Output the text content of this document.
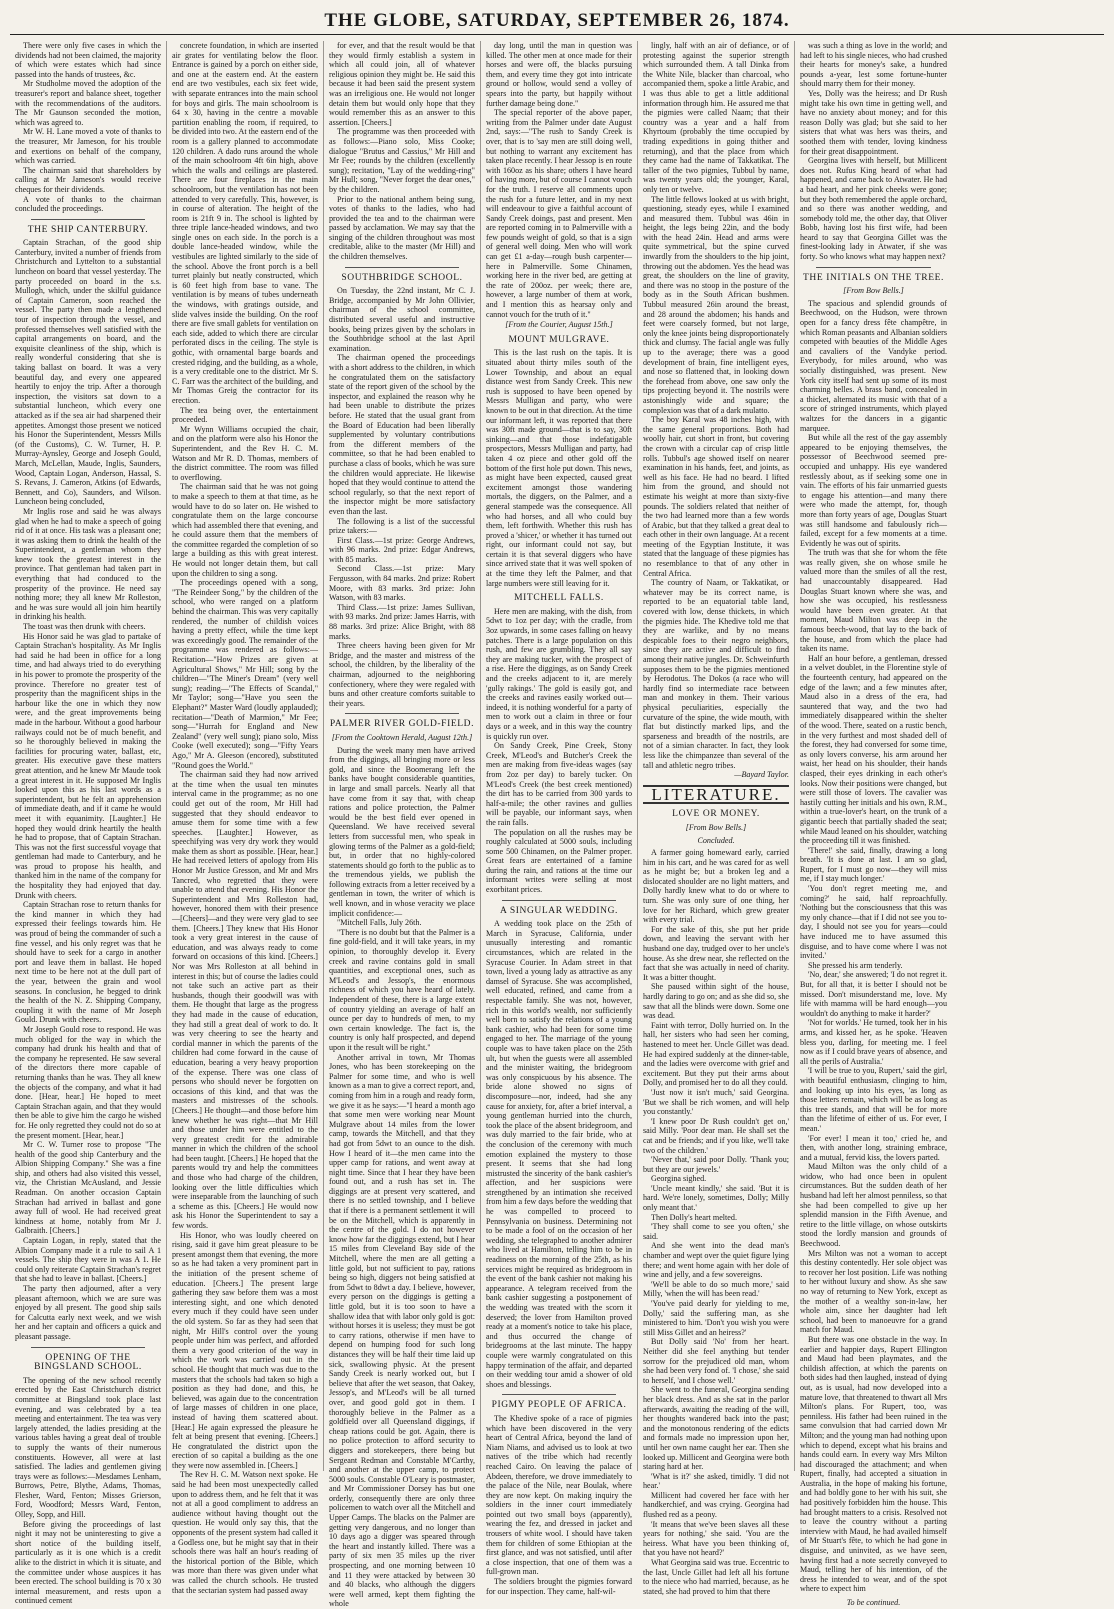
THE GLOBE, SATURDAY, SEPTEMBER 26, 1874.

There were only five cases in which the dividends had not been claimed, the majority of which were estates which had since passed into the hands of trustees, &c.

Mr Studholme moved the adoption of the treasurer's report and balance sheet, together with the recommendations of the auditors. The Mr Gaunson seconded the motion, which was agreed to.

Mr W. H. Lane moved a vote of thanks to the treasurer, Mr Jameson, for his trouble and exertions on behalf of the company, which was carried.

The chairman said that shareholders by calling at Mr Jameson's would receive cheques for their dividends.

A vote of thanks to the chairman concluded the proceedings.

THE SHIP CANTERBURY.

Captain Strachan, of the good ship Canterbury, invited a number of friends from Christchurch and Lyttelton to a substantial luncheon on board that vessel yesterday. The party proceeded on board in the s.s. Mullogh, which, under the skilful guidance of Captain Cameron, soon reached the vessel. The party then made a lengthened tour of inspection through the vessel, and professed themselves well satisfied with the capital arrangements on board, and the exquisite cleanliness of the ship, which is really wonderful considering that she is taking ballast on board. It was a very beautiful day, and every one appeared heartily to enjoy the trip. After a thorough inspection, the visitors sat down to a substantial luncheon, which every one attacked as if the sea air had sharpened their appetites. Amongst those present we noticed his Honor the Superintendent, Messrs Mills (of the Customs), C. W. Turner, H. P. Murray-Aynsley, George and Joseph Gould, March, McLellan, Maude, Inglis, Saunders, Wood, Captain Logan, Anderson, Hassal, S. S. Revans, J. Cameron, Atkins (of Edwards, Bennett, and Co), Saunders, and Wilson. Luncheon being concluded,

Mr Inglis rose and said he was always glad when he had to make a speech of going rid of it at once. His task was a pleasant one; it was asking them to drink the health of the Superintendent, a gentleman whom they knew took the greatest interest in the province. That gentleman had taken part in everything that had conduced to the prosperity of the province. He need say nothing more; they all knew Mr Rolleston, and he was sure would all join him heartily in drinking his health.

The toast was then drunk with cheers.

His Honor said he was glad to partake of Captain Strachan's hospitality. As Mr Inglis had said he had been in office for a long time, and had always tried to do everything in his power to promote the prosperity of the province. Therefore no greater test of prosperity than the magnificent ships in the harbour like the one in which they now were, and the great improvements being made in the harbour. Without a good harbour railways could not be of much benefit, and so he thoroughly believed in making the facilities for procuring water, ballast, etc, greater. His executive gave these matters great attention, and he knew Mr Maude took a great interest in it. He supposed Mr Inglis looked upon this as his last words as a superintendent, but he felt an apprehension of immediate death, and if it came he would meet it with equanimity. [Laughter.] He hoped they would drink heartily the health he had to propose, that of Captain Strachan. This was not the first successful voyage that gentleman had made to Canterbury, and he was proud to propose his health, and thanked him in the name of the company for the hospitality they had enjoyed that day. Drunk with cheers.

Captain Strachan rose to return thanks for the kind manner in which they had expressed their feelings towards him. He was proud of being the commander of such a fine vessel, and his only regret was that he should have to seek for a cargo in another port and leave them in ballast. He hoped next time to be here not at the dull part of the year, between the grain and wool seasons. In conclusion, he begged to drink the health of the N. Z. Shipping Company, coupling it with the name of Mr Joseph Gould. Drunk with cheers.

Mr Joseph Gould rose to respond. He was much obliged for the way in which the company had drunk his health and that of the company he represented. He saw several of the directors there more capable of returning thanks than he was. They all knew the objects of the company, and what it had done. [Hear, hear.] He hoped to meet Captain Strachan again, and that they would then be able to give him the cargo he wished for. He only regretted they could not do so at the present moment. [Hear, hear.]

Mr C. W. Turner rose to propose "The health of the good ship Canterbury and the Albion Shipping Company." She was a fine ship, and others had also visited this vessel, viz, the Christian McAusland, and Jessie Readman. On another occasion Captain Strachan had arrived in ballast and gone away full of wool. He had received great kindness at home, notably from Mr J. Galbraith. [Cheers.]

Captain Logan, in reply, stated that the Albion Company made it a rule to sail A 1 vessels. The ship they were in was A 1. He could only reiterate Captain Strachan's regret that she had to leave in ballast. [Cheers.]

The party then adjourned, after a very pleasant afternoon, which we are sure was enjoyed by all present. The good ship sails for Calcutta early next week, and we wish her and her captain and officers a quick and pleasant passage.

OPENING OF THE BINGSLAND SCHOOL.

The opening of the new school recently erected by the East Christchurch district committee at Bingsland took place last evening, and was celebrated by a tea meeting and entertainment. The tea was very largely attended, the ladies presiding at the various tables having a great deal of trouble to supply the wants of their numerous constituents. However, all were at last satisfied. The ladies and gentlemen giving trays were as follows:—Mesdames Lenham, Burrows, Petre, Blythe, Adams, Thomas, Flesher, Ward, Fenton; Misses Grierson, Ford, Woodford; Messrs Ward, Fenton, Olley, Sopp, and Hill.

Before giving the proceedings of last night it may not be uninteresting to give a short notice of the building itself, particularly as it is one which is a credit alike to the district in which it is situate, and the committee under whose auspices it has been erected. The school building is 70 x 30 internal measurement, and rests upon a continued cement

concrete foundation, in which are inserted air grates for ventilating below the floor. Entrance is gained by a porch on either side, and one at the eastern end. At the eastern end are two vestibules, each six feet wide, with separate entrances into the main school for boys and girls. The main schoolroom is 64 x 30, having in the centre a movable partition enabling the room, if required, to be divided into two. At the eastern end of the room is a gallery planned to accommodate 120 children. A dado runs around the whole of the main schoolroom 4ft 6in high, above which the walls and ceilings are plastered. There are four fireplaces in the main schoolroom, but the ventilation has not been attended to very carefully. This, however, is in course of alteration. The height of the room is 21ft 9 in. The school is lighted by three triple lance-headed windows, and two single ones on each side. In the porch is a double lance-headed window, while the vestibules are lighted similarly to the side of the school. Above the front porch is a bell turret plainly but neatly constructed, which is 60 feet high from base to vane. The ventilation is by means of tubes underneath the windows, with gratings outside, and slide valves inside the building. On the roof there are five small gablets for ventilation on each side, added to which there are circular perforated discs in the ceiling. The style is gothic, with ornamental barge boards and crested ridging, and the building, as a whole, is a very creditable one to the district. Mr S. C. Farr was the architect of the building, and Mr Thomas Greig the contractor for its erection.

The tea being over, the entertainment proceeded.

Mr Wynn Williams occupied the chair, and on the platform were also his Honor the Superintendent, and the Rev H. C. M. Watson and Mr R. D. Thomas, members of the district committee. The room was filled to overflowing.

The chairman said that he was not going to make a speech to them at that time, as he would have to do so later on. He wished to congratulate them on the large concourse which had assembled there that evening, and he could assure them that the members of the committee regarded the completion of so large a building as this with great interest. He would not longer detain them, but call upon the children to sing a song.

The proceedings opened with a song, "The Reindeer Song," by the children of the school, who were ranged on a platform behind the chairman. This was very capitally rendered, the number of childish voices having a pretty effect, while the time kept was exceedingly good. The remainder of the programme was rendered as follows:—Recitation—"How Prizes are given at Agricultural Shows," Mr Hill; song by the children—"The Miner's Dream" (very well sung); reading—"The Effects of Scandal," Mr Taylor; song—"Have you seen the Elephant?" Master Ward (loudly applauded); recitation—"Death of Marmion," Mr Fee; song—"Hurrah for England and New Zealand" (very well sung); piano solo, Miss Cooke (well executed); song—"Fifty Years Ago," Mr A. Gleeson (encored), substituted "Round goes the World."

The chairman said they had now arrived at the time when the usual ten minutes interval came in the programme; as no one could get out of the room, Mr Hill had suggested that they should endeavor to amuse them for some time with a few speeches. [Laughter.] However, as speechifying was very dry work they would make them as short as possible. [Hear, hear.] He had received letters of apology from His Honor Mr Justice Gresson, and Mr and Mrs Tancred, who regretted that they were unable to attend that evening. His Honor the Superintendent and Mrs Rolleston had, however, honored them with their presence—[Cheers]—and they were very glad to see them. [Cheers.] They knew that His Honor took a very great interest in the cause of education, and was always ready to come forward on occasions of this kind. [Cheers.] Nor was Mrs Rolleston at all behind in interest in this; but of course the ladies could not take such an active part as their husbands, though their goodwill was with them. He thought that large as the progress they had made in the cause of education, they had still a great deal of work to do. It was very cheering to see the hearty and cordial manner in which the parents of the children had come forward in the cause of education, bearing a very heavy proportion of the expense. There was one class of persons who should never be forgotten on occasions of this kind, and that was the masters and mistresses of the schools. [Cheers.] He thought—and those before him knew whether he was right—that Mr Hill and those under him were entitled to the very greatest credit for the admirable manner in which the children of the school had been taught. [Cheers.] He hoped that the parents would try and help the committees and those who had charge of the children, looking over the little difficulties which were inseparable from the launching of such a scheme as this. [Cheers.] He would now ask his Honor the Superintendent to say a few words.

His Honor, who was loudly cheered on rising, said it gave him great pleasure to be present amongst them that evening, the more so as he had taken a very prominent part in the initiation of the present scheme of education. [Cheers.] The present large gathering they saw before them was a most interesting sight, and one which denoted every much if they could have seen under the old system. So far as they had seen that night, Mr Hill's control over the young people under him was perfect, and afforded them a very good criterion of the way in which the work was carried out in the school. He thought that much was due to the masters that the schools had taken so high a position as they had done, and this, he believed, was again due to the concentration of large masses of children in one place, instead of having them scattered about. [Hear.] He again expressed the pleasure he felt at being present that evening. [Cheers.] He congratulated the district upon the erection of so capital a building as the one they were now assembled in. [Cheers.]

The Rev H. C. M. Watson next spoke. He said he had been most unexpectedly called upon to address them, and he felt that it was not at all a good compliment to address an audience without having thought out the question. He would only say this, that the opponents of the present system had called it a Godless one, but he might say that in their schools there was half an hour's reading of the historical portion of the Bible, which was more than there was given under what was called the church schools. He trusted that the sectarian system had passed away

for ever, and that the result would be that they would firmly establish a system in which all could join, all of whatever religious opinion they might be. He said this because it had been said the present system was an irreligious one. He would not longer detain them but would only hope that they would remember this as an answer to this assertion. [Cheers.]

The programme was then proceeded with as follows:—Piano solo, Miss Cooke; dialogue "Brutus and Cassius," Mr Hill and Mr Fee; rounds by the children (excellently sung); recitation, "Lay of the wedding-ring" Mr Hull; song, "Never forget the dear ones," by the children.

Prior to the national anthem being sung, votes of thanks to the ladies, who had provided the tea and to the chairman were passed by acclamation. We may say that the singing of the children throughout was most creditable, alike to the master (Mr Hill) and the children themselves.

SOUTHBRIDGE SCHOOL.

On Tuesday, the 22nd instant, Mr C. J. Bridge, accompanied by Mr John Ollivier, chairman of the school committee, distributed several useful and instructive books, being prizes given by the scholars in the Southbridge school at the last April examination.

The chairman opened the proceedings with a short address to the children, in which he congratulated them on the satisfactory state of the report given of the school by the inspector, and explained the reason why he had been unable to distribute the prizes before. He stated that the usual grant from the Board of Education had been liberally supplemented by voluntary contributions from the different members of the committee, so that he had been enabled to purchase a class of books, which he was sure the children would appreciate. He likewise hoped that they would continue to attend the school regularly, so that the next report of the inspector might be more satisfactory even than the last.

The following is a list of the successful prize takers:—

First Class.—1st prize: George Andrews, with 96 marks. 2nd prize: Edgar Andrews, with 85 marks.

Second Class.—1st prize: Mary Fergusson, with 84 marks. 2nd prize: Robert Moore, with 83 marks. 3rd prize: John Watson, with 83 marks.

Third Class.—1st prize: James Sullivan, with 93 marks. 2nd prize: James Harris, with 88 marks. 3rd prize: Alice Bright, with 88 marks.

Three cheers having been given for Mr Bridge, and the master and mistress of the school, the children, by the liberality of the chairman, adjourned to the neighboring confectionery, where they were regaled with buns and other creature comforts suitable to their years.

PALMER RIVER GOLD-FIELD.
[From the Cooktown Herald, August 12th.]

During the week many men have arrived from the diggings, all bringing more or less gold, and since the Boomerang left the banks have bought considerable quantities, in large and small parcels. Nearly all that have come from it say that, with cheap rations and police protection, the Palmer would be the best field ever opened in Queensland. We have received several letters from successful men, who speak in glowing terms of the Palmer as a gold-field; but, in order that no highly-colored statements should go forth to the public as to the tremendous yields, we publish the following extracts from a letter received by a gentleman in town, the writer of which is well known, and in whose veracity we place implicit confidence:—

"Mitchell Falls, July 26th.

"There is no doubt but that the Palmer is a fine gold-field, and it will take years, in my opinion, to thoroughly develop it. Every creek and ravine contains gold in small quantities, and exceptional ones, such as M'Leod's and Jessop's, the enormous richness of which you have heard of lately. Independent of these, there is a large extent of country yielding an average of half an ounce per day to hundreds of men, to my own certain knowledge. The fact is, the country is only half prospected, and depend upon it the result will be right."

Another arrival in town, Mr Thomas Jones, who has been storekeeping on the Palmer for some time, and who is well known as a man to give a correct report, and, coming from him in a rough and ready form, we give it as he says:—"I heard a month ago that some men were working near Mount Mulgrave about 14 miles from the lower camp, towards the Mitchell, and that they had got from 5dwt to an ounce to the dish. How I heard of it—the men came into the upper camp for rations, and went away at night time. Since that I hear they have been found out, and a rush has set in. The diggings are at present very scattered, and there is no settled township, and I believe that if there is a permanent settlement it will be on the Mitchell, which is apparently in the centre of the gold. I do not however know how far the diggings extend, but I hear 15 miles from Cleveland Bay side of the Mitchell, where the men are all getting a little gold, but not sufficient to pay, rations being so high, diggers not being satisfied at from 5dwt to 8dwt a day. I believe, however, every person on the diggings is getting a little gold, but it is too soon to have a shallow idea that with labor only gold is got: without horses it is useless; they must be got to carry rations, otherwise if men have to depend on humping food for such long distances they will be half their time laid up sick, swallowing physic. At the present Sandy Creek is nearly worked out, but I believe that after the wet season, that Oakey, Jessop's, and M'Leod's will be all turned over, and good gold got in them. I thoroughly believe in the Palmer as a goldfield over all Queensland diggings, if cheap rations could be got. Again, there is no police protection to afford security to diggers and storekeepers, there being but Sergeant Redman and Constable M'Carthy, and another at the upper camp, to protect 5000 souls. Constable O'Leary is postmaster, and Mr Commissioner Dorsey has but one orderly, consequently there are only three policemen to watch over all the Mitchell and Upper Camps. The blacks on the Palmer are getting very dangerous, and no longer than 10 days ago a digger was speared through the heart and instantly killed. There was a party of six men 35 miles up the river prospecting, and one morning between 10 and 11 they were attacked by between 30 and 40 blacks, who although the diggers were well armed, kept them fighting the whole

day long, until the man in question was killed. The other men at once made for their horses and were off, the blacks pursuing them, and every time they got into intricate ground or hollow, would send a volley of spears into the party, but happily without further damage being done."

The special reporter of the above paper, writing from the Palmer under date August 2nd, says:—"The rush to Sandy Creek is over, that is to 'say men are still doing well, but nothing to warrant any excitement has taken place recently. I hear Jessop is en route with 160oz as his share; others I have heard of having more, but of course I cannot vouch for the truth. I reserve all comments upon the rush for a future letter, and in my next will endeavour to give a faithful account of Sandy Creek doings, past and present. Men are reported coming in to Palmerville with a few pounds weight of gold, so that is a sign of general well doing. Men who will work can get £1 a-day—rough bush carpenter—here in Palmerville. Some Chinamen, working here in the river bed, are getting at the rate of 200oz. per week; there are, however, a large number of them at work, and I mention this as hearsay only and cannot vouch for the truth of it."

[From the Courier, August 15th.]
MOUNT MULGRAVE.

This is the last rush on the tapis. It is situated about thirty miles south of the Lower Township, and about an equal distance west from Sandy Creek. This new rush is supposed to have been opened by Messrs Mulligan and party, who were known to be out in that direction. At the time our informant left, it was reported that there was 30ft made ground—that is to say, 30ft sinking—and that those indefatigable prospectors, Messrs Mulligan and party, had taken 4 oz piece and other gold off the bottom of the first hole put down. This news, as might have been expected, caused great excitement amongst those wandering mortals, the diggers, on the Palmer, and a general stampede was the consequence. All who had horses, and all who could buy them, left forthwith. Whether this rush has proved a 'shicer,' or whether it has turned out right, our informant could not say, but certain it is that several diggers who have since arrived state that it was well spoken of at the time they left the Palmer, and that large numbers were still leaving for it.

MITCHELL FALLS.

Here men are making, with the dish, from 5dwt to 1oz per day; with the cradle, from 3oz upwards, in some cases falling on heavy patches. There is a large population on this rush, and few are grumbling. They all say they are making tucker, with the prospect of a rise. Here the diggings, as on Sandy Creek and the creeks adjacent to it, are merely 'gully rakings.' The gold is easily got, and the creeks and ravines easily worked out—indeed, it is nothing wonderful for a party of men to work out a claim in three or four days or a week, and in this way the country is quickly run over.

On Sandy Creek, Pine Creek, Stony Creek, M'Leod's and Butcher's Creek the men are making from five-ideas wages (say from 2oz per day) to barely tucker. On M'Leod's Creek (the best creek mentioned) the dirt has to be carried from 300 yards to half-a-mile; the other ravines and gullies will be payable, our informant says, when the rain falls.

The population on all the rushes may be roughly calculated at 5000 souls, including some 500 Chinamen, on the Palmer proper. Great fears are entertained of a famine during the rain, and rations at the time our informant writes were selling at most exorbitant prices.

A SINGULAR WEDDING.

A wedding took place on the 25th of March in Syracuse, California, under unusually interesting and romantic circumstances, which are related in the Syracuse Courier. In Adam street in that town, lived a young lady as attractive as any damsel of Syracuse. She was accomplished, well educated, refined, and came from a respectable family. She was not, however, rich in this world's wealth, nor sufficiently well born to satisfy the relations of a young bank cashier, who had been for some time engaged to her. The marriage of the young couple was to have taken place on the 25th ult, but when the guests were all assembled and the minister waiting, the bridegroom was only conspicuous by his absence. The bride alone showed no signs of discomposure—nor, indeed, had she any cause for anxiety, for, after a brief interval, a young gentleman hurried into the church, took the place of the absent bridegroom, and was duly married to the fair bride, who at the conclusion of the ceremony with much emotion explained the mystery to those present. It seems that she had long mistrusted the sincerity of the bank cashier's affection, and her suspicions were strengthened by an intimation she received from him a few days before the wedding that he was compelled to proceed to Pennsylvania on business. Determining not to be made a fool of on the occasion of her wedding, she telegraphed to another admirer who lived at Hamilton, telling him to be in readiness on the morning of the 25th, as his services might be required as bridegroom in the event of the bank cashier not making his appearance. A telegram received from the bank cashier suggesting a postponement of the wedding was treated with the scorn it deserved; the lover from Hamilton proved ready at a moment's notice to take his place, and thus occurred the change of bridegrooms at the last minute. The happy couple were warmly congratulated on this happy termination of the affair, and departed on their wedding tour amid a shower of old shoes and blessings.

PIGMY PEOPLE OF AFRICA.

The Khedive spoke of a race of pigmies which have been discovered in the very heart of Central Africa, beyond the land of Niam Niams, and advised us to look at two natives of the tribe which had recently reached Cairo. On leaving the palace of Abdeen, therefore, we drove immediately to the palace of the Nile, near Boulak, where they are now kept. On making inquiry the soldiers in the inner court immediately pointed out two small boys (apparently), wearing the fez, and dressed in jacket and trousers of white wool. I should have taken them for children of some Ethiopian at the first glance, and was not satisfied, until after a close inspection, that one of them was a full-grown man.

The soldiers brought the pigmies forward for our inspection. They came, half-wil-

lingly, half with an air of defiance, or of protesting against the superior strength which surrounded them. A tall Dinka from the White Nile, blacker than charcoal, who accompanied them, spoke a little Arabic, and I was thus able to get a little additional information through him. He assured me that the pigmies were called Naam; that their country was a year and a half from Khyrtoum (probably the time occupied by trading expeditions in going thither and returning), and that the place from which they came had the name of Takkatikat. The taller of the two pigmies, Tubbul by name, was twenty years old; the younger, Karal, only ten or twelve.

The little fellows looked at us with bright, questioning, steady eyes, while I examined and measured them. Tubbul was 46in in height, the legs being 22in, and the body with the head 24in. Head and arms were quite symmetrical, but the spine curved inwardly from the shoulders to the hip joint, throwing out the abdomen. Yes the head was great, the shoulders on the line of gravity, and there was no stoop in the posture of the body as in the South African bushmen. Tubbul measured 26in around the breast, and 28 around the abdomen; his hands and feet were coarsely formed, but not large, only the knee joints being disproportionately thick and clumsy. The facial angle was fully up to the average; there was a good development of brain, fine intelligent eyes, and nose so flattened that, in looking down the forehead from above, one saw only the tips projecting beyond it. The nostrils were astonishingly wide and square; the complexion was that of a dark mulatto.

The boy Karal was 48 inches high, with the same general proportions. Both had woolly hair, cut short in front, but covering the crown with a circular cap of crisp little rolls. Tubbul's age showed itself on nearer examination in his hands, feet, and joints, as well as his face. He had no beard. I lifted him from the ground, and should not estimate his weight at more than sixty-five pounds. The soldiers related that neither of the two had learned more than a few words of Arabic, but that they talked a great deal to each other in their own language. At a recent meeting of the Egyptian Institute, it was stated that the language of these pigmies has no resemblance to that of any other in Central Africa.

The country of Naam, or Takkatikat, or whatever may be its correct name, is reported to be an equatorial table land, covered with low, dense thickets, in which the pigmies hide. The Khedive told me that they are warlike, and by no means despicable foes to their negro neighbors, since they are active and difficult to find among their native jungles. Dr. Schweinfurth supposes them to be the pigmies mentioned by Herodotus. The Dokos (a race who will hardly find so intermediate race between man and monkey in them. Their various physical peculiarities, especially the curvature of the spine, the wide mouth, with flat but distinctly marked lips, and the sparseness and breadth of the nostrils, are not of a simian character. In fact, they look less like the chimpanzee than several of the tall and athletic negro tribes.

—Bayard Taylor.
LITERATURE.
LOVE OR MONEY.
[From Bow Bells.]
Concluded.

A farmer going homeward early, carried him in his cart, and he was cared for as well as he might be; but a broken leg and a dislocated shoulder are no light matters, and Dolly hardly knew what to do or where to turn. She was only sure of one thing, her love for her Richard, which grew greater with every trial.

For the sake of this, she put her pride down, and leaving the servant with her husband one day, trudged over to her uncle's house. As she drew near, she reflected on the fact that she was actually in need of charity. It was a bitter thought.

She paused within sight of the house, hardly daring to go on; and as she did so, she saw that all the blinds were down. Some one was dead.

Faint with terror, Dolly hurried on. In the hall, her sisters who had seen her coming, hastened to meet her. Uncle Gillet was dead. He had expired suddenly at the dinner-table, and the ladies were overcome with grief and excitement. But they put their arms about Dolly, and promised her to do all they could.

'Just now it isn't much,' said Georgina. 'But we shall be rich women, and will help you constantly.'

'I knew poor Dr Rush couldn't get on,' said Milly. 'Poor dear man. He shall set the cat and be friends; and if you like, we'll take two of the children.'

'Never that,' said poor Dolly. 'Thank you; but they are our jewels.'

Georgina sighed.

'Uncle meant kindly,' she said. 'But it is hard. We're lonely, sometimes, Dolly; Milly only meant that.'

Then Dolly's heart melted.

'They shall come to see you often,' she said.

And she went into the dead man's chamber and wept over the quiet figure lying there; and went home again with her dole of wine and jelly, and a few sovereigns.

'We'll be able to do so much more,' said Milly, 'when the will has been read.'

'You've paid dearly for yielding to me, Dolly,' said the suffering man, as she ministered to him. 'Don't you wish you were still Miss Gillet and an heiress?'

But Dolly said 'No' from her heart. Neither did she feel anything but tender sorrow for the prejudiced old man, whom she had been very fond of. 'I chose,' she said to herself, 'and I chose well.'

She went to the funeral, Georgina sending her black dress. And as she sat in the parlor afterwards, awaiting the reading of the will, her thoughts wandered back into the past; and the monotonous rendering of the edicts and formals made no impression upon her, until her own name caught her ear. Then she looked up. Millicent and Georgina were both staring hard at her.

'What is it?' she asked, timidly. 'I did not hear.'

Millicent had covered her face with her handkerchief, and was crying. Georgina had flushed red as a peony.

'It means that we've been slaves all these years for nothing,' she said. 'You are the heiress. What have you been thinking of, that you have not heard?'

What Georgina said was true. Eccentric to the last, Uncle Gillet had left all his fortune to the niece who had married, because, as he stated, she had proved to him that there

was such a thing as love in the world; and had left to his single nieces, who had crushed their hearts for money's sake, a hundred pounds a-year, lest some fortune-hunter should marry them for their money.

Yes, Dolly was the heiress; and Dr Rush might take his own time in getting well, and have no anxiety about money; and for this reason Dolly was glad; but she said to her sisters that what was hers was theirs, and soothed them with tender, loving kindness for their great disappointment.

Georgina lives with herself, but Millicent does not. Rufus King heard of what had happened, and came back to Atwater. He had a bad heart, and her pink cheeks were gone; but they both remembered the apple orchard, and so there was another wedding, and somebody told me, the other day, that Oliver Bobb, having lost his first wife, had been heard to say that Georgina Gillet was the finest-looking lady in Atwater, if she was forty. So who knows what may happen next?

THE INITIALS ON THE TREE.
[From Bow Bells.]

The spacious and splendid grounds of Beechwood, on the Hudson, were thrown open for a fancy dress fête champêtre, in which Roman peasants and Albanian soldiers competed with beauties of the Middle Ages and cavaliers of the Vandyke period. Everybody, for miles around, who was socially distinguished, was present. New York city itself had sent up some of its most charming belles. A brass band, concealed in a thicket, alternated its music with that of a score of stringed instruments, which played waltzes for the dancers in a gigantic marquee.

But while all the rest of the gay assembly appeared to be enjoying themselves, the possessor of Beechwood seemed pre-occupied and unhappy. His eye wandered restlessly about, as if seeking some one in vain. The efforts of his fair unmarried guests to engage his attention—and many there were who made the attempt, for, though more than forty years of age, Douglas Stuart was still handsome and fabulously rich—failed, except for a few moments at a time. Evidently he was out of spirits.

The truth was that she for whom the fête was really given, she on whose smile he valued more than the smiles of all the rest, had unaccountably disappeared. Had Douglas Stuart known where she was, and how she was occupied, his restlessness would have been even greater. At that moment, Maud Milton was deep in the famous beech-wood, that lay to the back of the house, and from which the place had taken its name.

Half an hour before, a gentleman, dressed in a velvet doublet, in the Florentine style of the fourteenth century, had appeared on the edge of the lawn; and a few minutes after, Maud also in a dress of the era, had sauntered that way, and the two had immediately disappeared within the shelter of the wood. There, seated on a rustic bench, in the very furthest and most shaded dell of the forest, they had conversed for some time, as only lovers converse, his arm around her waist, her head on his shoulder, their hands clasped, their eyes drinking in each other's looks. Now their positions were changed, but were still those of lovers. The cavalier was hastily cutting her initials and his own, R.M., within a true-lover's heart, on the trunk of a gigantic beech that partially shaded the seat; while Maud leaned on his shoulder, watching the proceeding till it was finished.

'There!' she said, finally, drawing a long breath. 'It is done at last. I am so glad, Rupert, for I must go now—they will miss me, if I stay much longer.'

'You don't regret meeting me, and coming?' he said, half reproachfully. 'Nothing but the consciousness that this was my only chance—that if I did not see you to-day, I should not see you for years—could have induced me to have assumed this disguise, and to have come where I was not invited.'

She pressed his arm tenderly.

'No, dear,' she answered; 'I do not regret it. But, for all that, it is better I should not be missed. Don't misunderstand me, love. My life with mamma will be hard enough—you wouldn't do anything to make it harder?'

'Not for worlds.' He turned, took her in his arms, and kissed her, as he spoke. 'Heaven bless you, darling, for meeting me. I feel now as if I could brave years of absence, and all the perils of Australia.'

'I will be true to you, Rupert,' said the girl, with beautiful enthusiasm, clinging to him, and looking up into his eyes, 'as long as those letters remain, which will be as long as this tree stands, and that will be for more than the lifetime of either of us. For ever, I mean.'

'For ever! I mean it too,' cried he, and then, with another long, straining embrace, and a mutual, fervid kiss, the lovers parted.

Maud Milton was the only child of a widow, who had once been in opulent circumstances. But the sudden death of her husband had left her almost penniless, so that she had been compelled to give up her splendid mansion in the Fifth Avenue, and retire to the little village, on whose outskirts stood the lordly mansion and grounds of Beechwood.

Mrs Milton was not a woman to accept this destiny contentedly. Her sole object was to recover her lost position. Life was nothing to her without luxury and show. As she saw no way of returning to New York, except as the mother of a wealthy son-in-law, her whole aim, since her daughter had left school, had been to manoeuvre for a grand match for Maud.

But there was one obstacle in the way. In earlier and happier days, Rupert Ellington and Maud had been playmates, and the childish affection, at which the parents on both sides had then laughed, instead of dying out, as is usual, had now developed into a mature love, that threatened to thwart all Mrs Milton's plans. For Rupert, too, was penniless. His father had been ruined in the same convulsion that had carried down Mr Milton; and the young man had nothing upon which to depend, except what his brains and hands could earn. In every way Mrs Milton had discouraged the attachment; and when Rupert, finally, had accepted a situation in Australia, in the hope of making his fortune, and had boldly gone to her with his suit, she had positively forbidden him the house. This had brought matters to a crisis. Resolved not to leave the country without a parting interview with Maud, he had availed himself of Mr Stuart's fête, to which he had gone in disguise, and uninvited, as we have seen, having first had a note secretly conveyed to Maud, telling her of his intention, of the dress he intended to wear, and of the spot where to expect him

To be continued.
